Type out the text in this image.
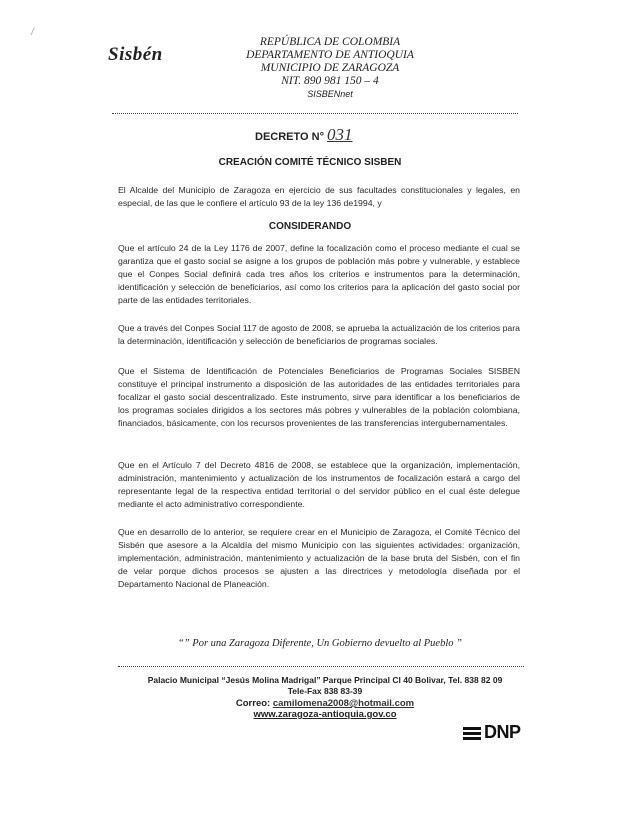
Sisbén
REPÚBLICA DE COLOMBIA
DEPARTAMENTO DE ANTIOQUIA
MUNICIPIO DE ZARAGOZA
NIT. 890 981 150 – 4
SISBENnet
DECRETO N° 031
CREACIÓN COMITÉ TÉCNICO SISBEN
El Alcalde del Municipio de Zaragoza en ejercicio de sus facultades constitucionales y legales, en especial, de las que le confiere el artículo 93 de la ley 136 de1994, y
CONSIDERANDO
Que el artículo 24 de la Ley 1176 de 2007, define la focalización como el proceso mediante el cual se garantiza que el gasto social se asigne a los grupos de población más pobre y vulnerable, y establece que el Conpes Social definirá cada tres años los criterios e instrumentos para la determinación, identificación y selección de beneficiarios, así como los criterios para la aplicación del gasto social por parte de las entidades territoriales.
Que a través del Conpes Social 117 de agosto de 2008, se aprueba la actualización de los criterios para la determinación, identificación y selección de beneficiarios de programas sociales.
Que el Sistema de Identificación de Potenciales Beneficiarios de Programas Sociales SISBEN constituye el principal instrumento a disposición de las autoridades de las entidades territoriales para focalizar el gasto social descentralizado. Este instrumento, sirve para identificar a los beneficiarios de los programas sociales dirigidos a los sectores más pobres y vulnerables de la población colombiana, financiados, básicamente, con los recursos provenientes de las transferencias intergubernamentales.
Que en el Artículo 7 del Decreto 4816 de 2008, se establece que la organización, implementación, administración, mantenimiento y actualización de los instrumentos de focalización estará a cargo del representante legal de la respectiva entidad territorial o del servidor público en el cual éste delegue mediante el acto administrativo correspondiente.
Que en desarrollo de lo anterior, se requiere crear en el Municipio de Zaragoza, el Comité Técnico del Sisbén que asesore a la Alcaldía del mismo Municipio con las siguientes actividades: organización, implementación, administración, mantenimiento y actualización de la base bruta del Sisbén, con el fin de velar porque dichos procesos se ajusten a las directrices y metodología diseñada por el Departamento Nacional de Planeación.
“” Por una Zaragoza Diferente, Un Gobierno devuelto al Pueblo ”
Palacio Municipal “Jesús Molina Madrigal” Parque Principal Cl 40 Bolivar, Tel. 838 82 09
Tele-Fax 838 83-39
Correo: camilomena2008@hotmail.com
www.zaragoza-antioquia.gov.co
DNP
